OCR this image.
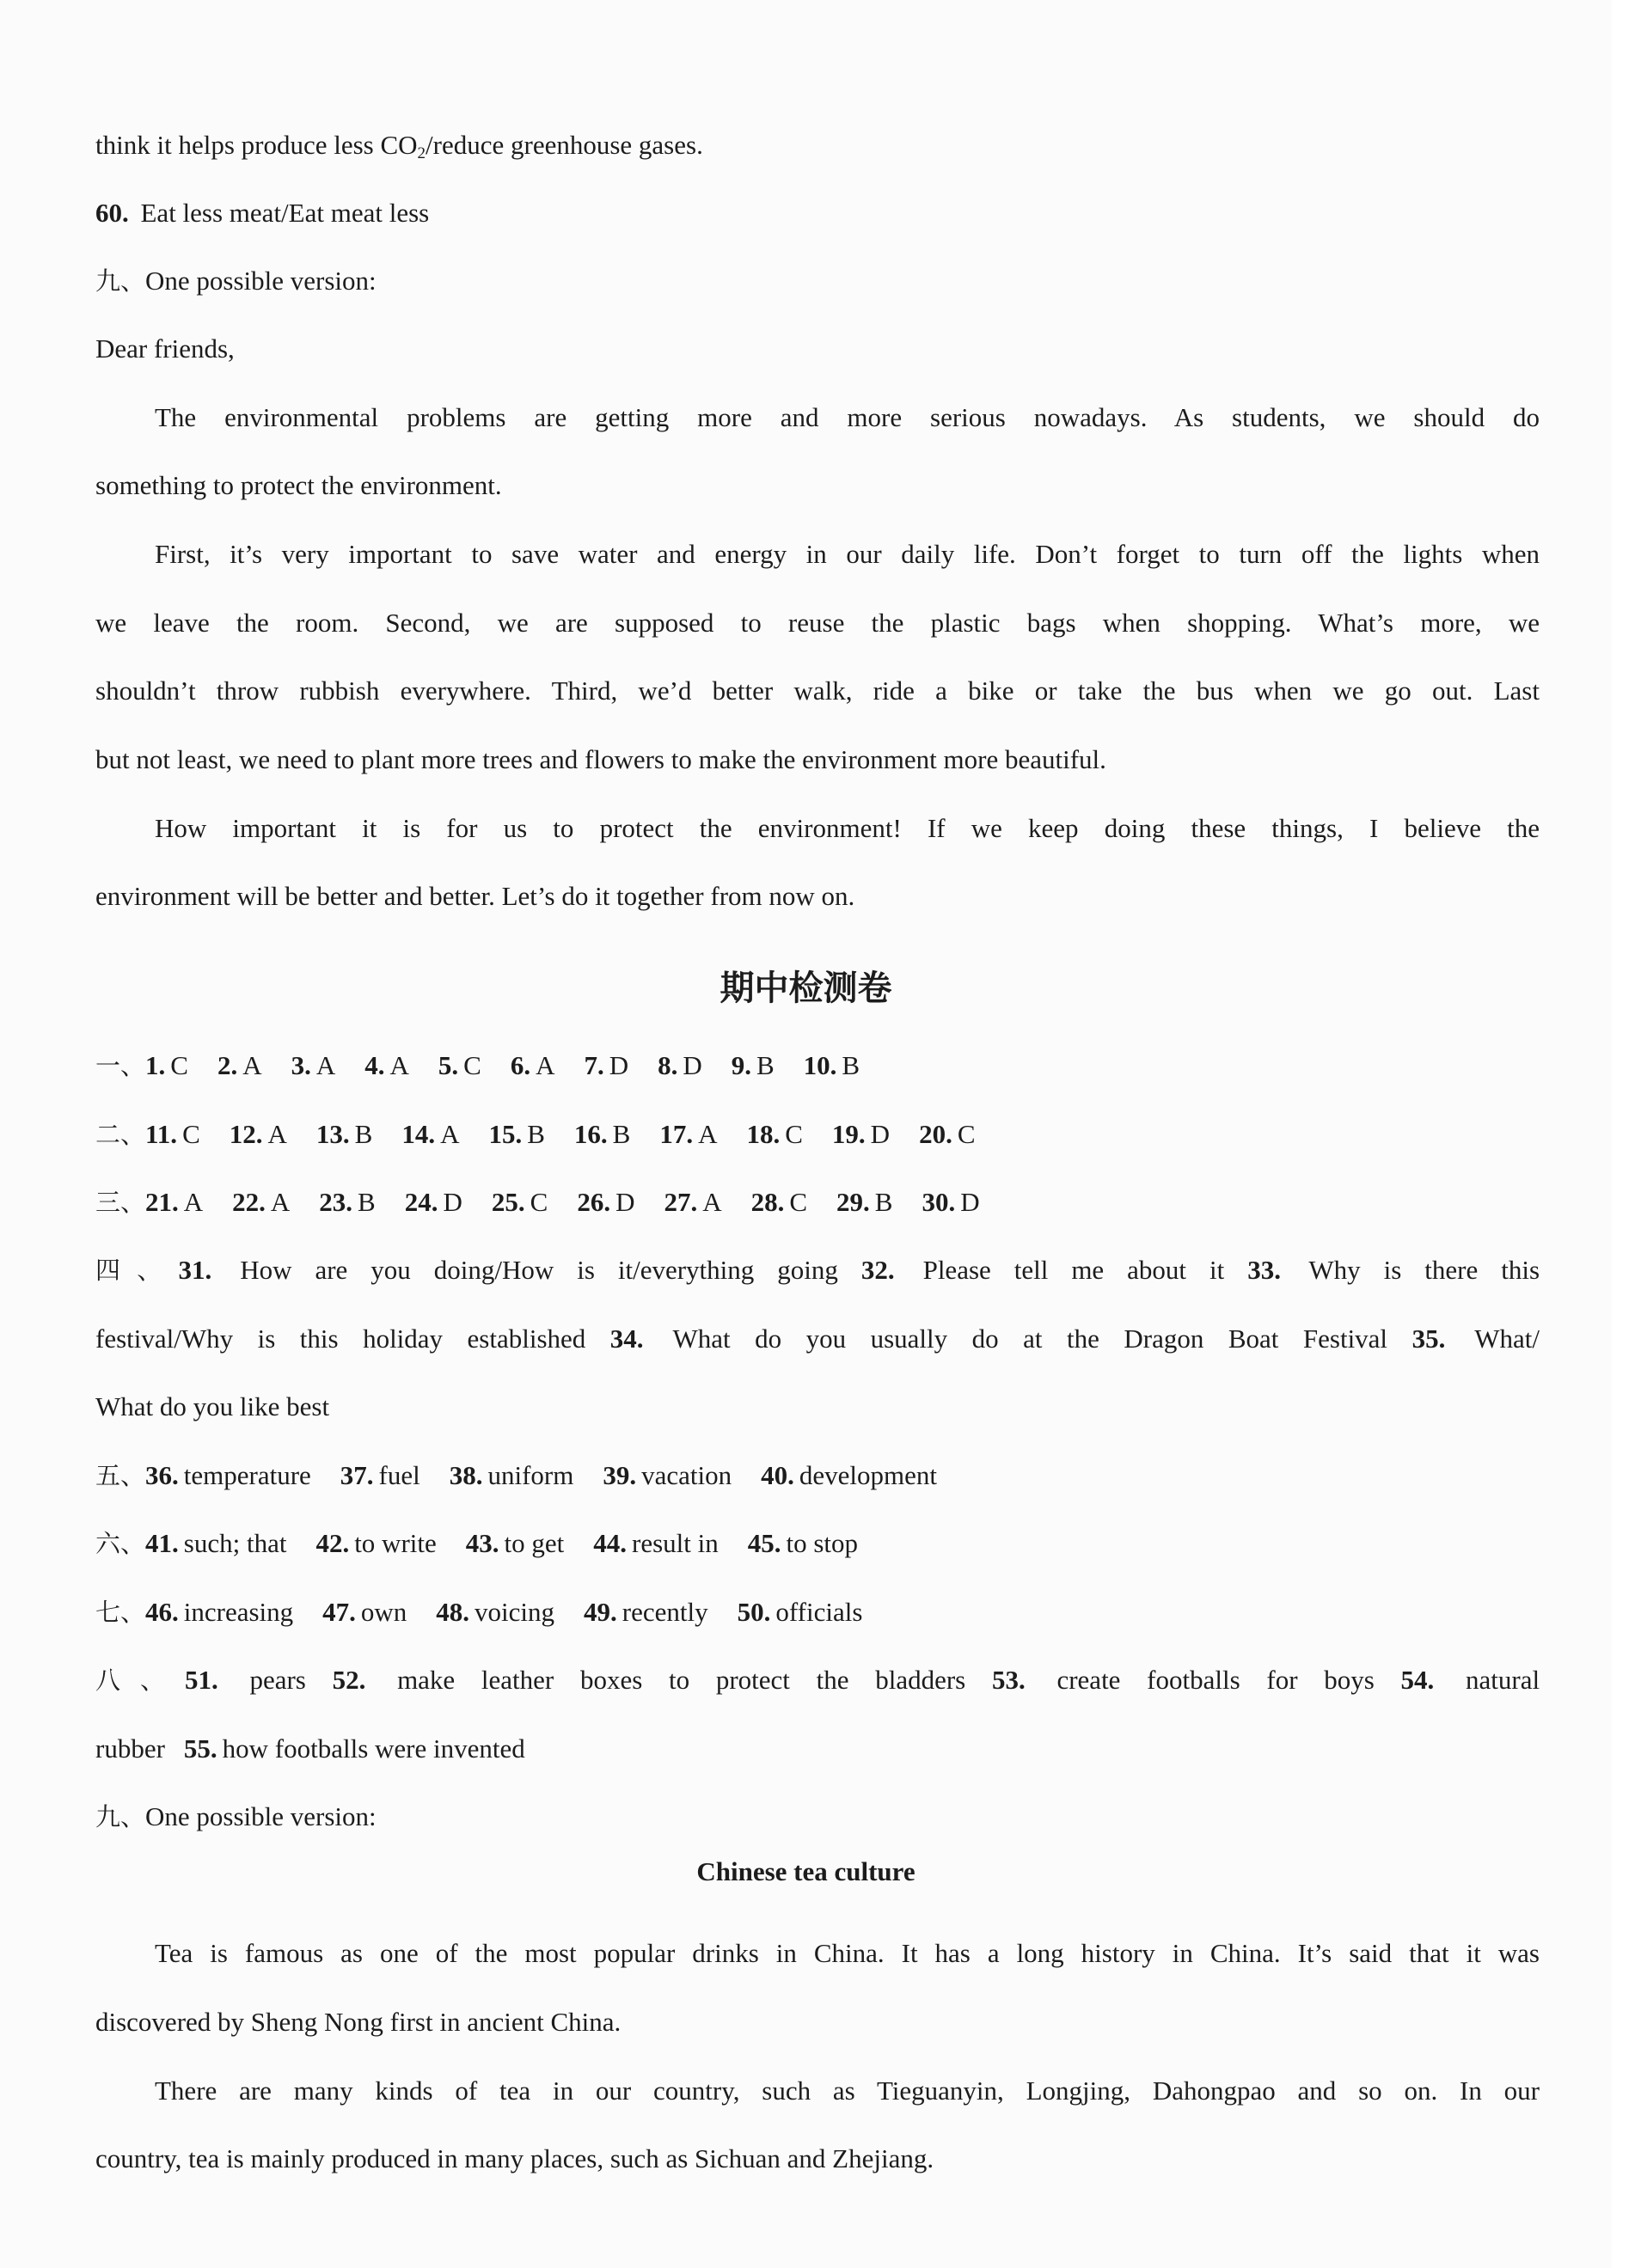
think it helps produce less $CO_2$/reduce greenhouse gases.
60. Eat less meat/Eat meat less
九、One possible version:
Dear friends,
The environmental problems are getting more and more serious nowadays. As students, we should do
something to protect the environment.
First, it’s very important to save water and energy in our daily life. Don’t forget to turn off the lights when
we leave the room. Second, we are supposed to reuse the plastic bags when shopping. What’s more, we
shouldn’t throw rubbish everywhere. Third, we’d better walk, ride a bike or take the bus when we go out. Last
but not least, we need to plant more trees and flowers to make the environment more beautiful.
How important it is for us to protect the environment! If we keep doing these things, I believe the
environment will be better and better. Let’s do it together from now on.
期中检测卷
一、1. C 2. A 3. A 4. A 5. C 6. A 7. D 8. D 9. B 10. B
二、11. C 12. A 13. B 14. A 15. B 16. B 17. A 18. C 19. D 20. C
三、21. A 22. A 23. B 24. D 25. C 26. D 27. A 28. C 29. B 30. D
四、31. How are you doing/How is it/everything going 32. Please tell me about it 33. Why is there this
festival/Why is this holiday established 34. What do you usually do at the Dragon Boat Festival 35. What/
What do you like best
五、36. temperature 37. fuel 38. uniform 39. vacation 40. development
六、41. such; that 42. to write 43. to get 44. result in 45. to stop
七、46. increasing 47. own 48. voicing 49. recently 50. officials
八、51. pears 52. make leather boxes to protect the bladders 53. create footballs for boys 54. natural
rubber 55. how footballs were invented
九、One possible version:
Chinese tea culture
Tea is famous as one of the most popular drinks in China. It has a long history in China. It’s said that it was
discovered by Sheng Nong first in ancient China.
There are many kinds of tea in our country, such as Tieguanyin, Longjing, Dahongpao and so on. In our
country, tea is mainly produced in many places, such as Sichuan and Zhejiang.
